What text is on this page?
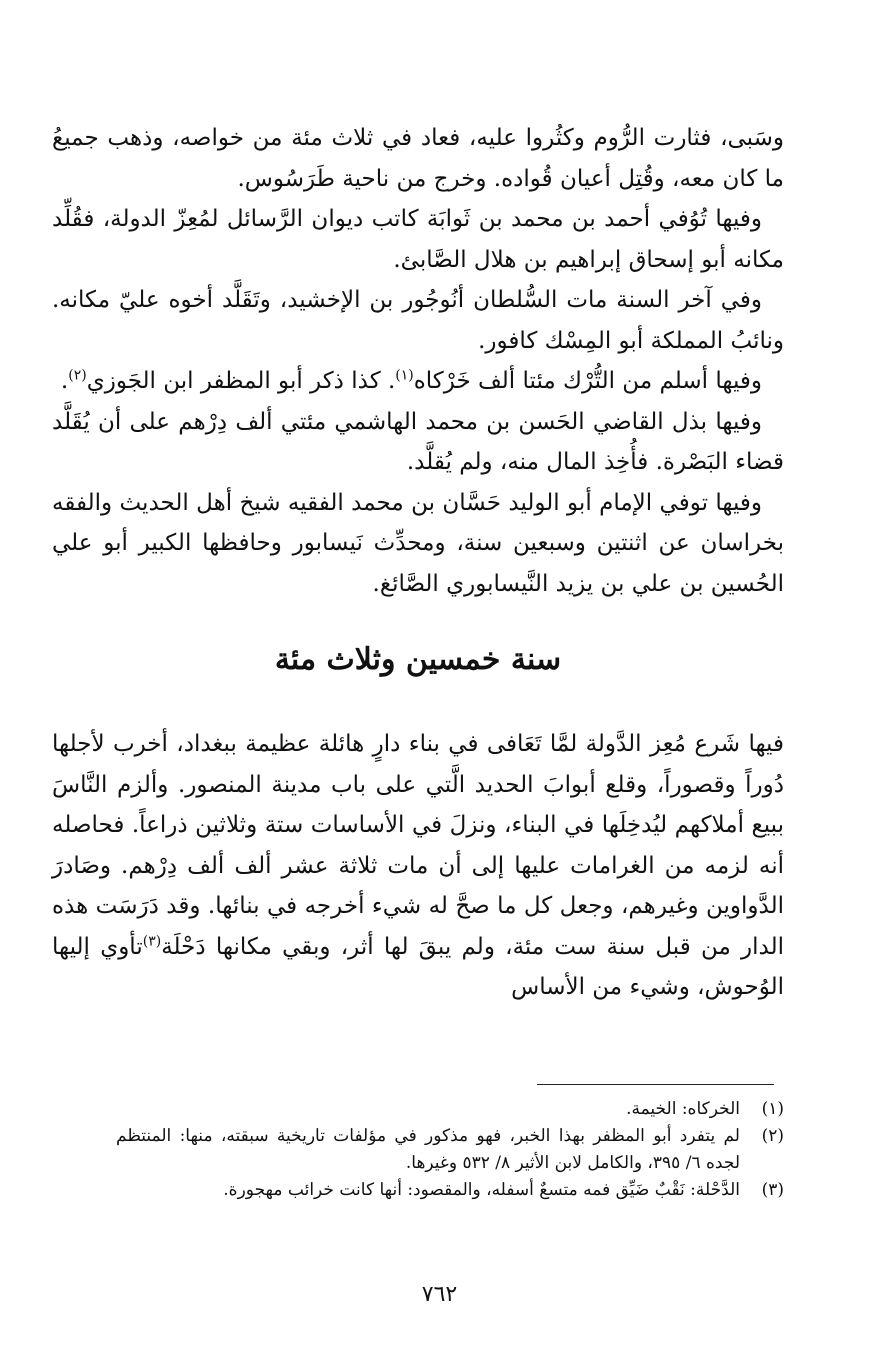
وسَبى، فثارت الرُّوم وكثُروا عليه، فعاد في ثلاث مئة من خواصه، وذهب جميعُ ما كان معه، وقُتِل أعيان قُواده. وخرج من ناحية طَرَسُوس.

وفيها تُوُفي أحمد بن محمد بن ثَوابَة كاتب ديوان الرَّسائل لمُعِزّ الدولة، فقُلِّد مكانه أبو إسحاق إبراهيم بن هلال الصَّابئ.

وفي آخر السنة مات السُّلطان أنُوجُور بن الإخشيد، وتَقَلَّد أخوه عليّ مكانه. ونائبُ المملكة أبو المِسْك كافور.

وفيها أسلم من التُّرْك مئتا ألف خَرْكاه$^{(١)}$. كذا ذكر أبو المظفر ابن الجَوزي$^{(٢)}$.

وفيها بذل القاضي الحَسن بن محمد الهاشمي مئتي ألف دِرْهم على أن يُقَلَّد قضاء البَصْرة. فأُخِذ المال منه، ولم يُقلَّد.

وفيها توفي الإمام أبو الوليد حَسَّان بن محمد الفقيه شيخ أهل الحديث والفقه بخراسان عن اثنتين وسبعين سنة، ومحدِّث نَيسابور وحافظها الكبير أبو علي الحُسين بن علي بن يزيد النَّيسابوري الصَّائغ.

سنة خمسين وثلاث مئة

فيها شَرع مُعِز الدَّولة لمَّا تَعَافى في بناء دارٍ هائلة عظيمة ببغداد، أخرب لأجلها دُوراً وقصوراً، وقلع أبوابَ الحديد الَّتي على باب مدينة المنصور. وألزم النَّاسَ ببيع أملاكهم ليُدخِلَها في البناء، ونزلَ في الأساسات ستة وثلاثين ذراعاً. فحاصله أنه لزمه من الغرامات عليها إلى أن مات ثلاثة عشر ألف ألف دِرْهم. وصَادرَ الدَّواوين وغيرهم، وجعل كل ما صحَّ له شيء أخرجه في بنائها. وقد دَرَسَت هذه الدار من قبل سنة ست مئة، ولم يبقَ لها أثر، وبقي مكانها دَحْلَة$^{(٣)}$تأوي إليها الوُحوش، وشيء من الأساس

(١)
الخركاه: الخيمة.
(٢)
لم يتفرد أبو المظفر بهذا الخبر، فهو مذكور في مؤلفات تاريخية سبقته، منها: المنتظم لجده ٦/ ٣٩٥، والكامل لابن الأثير ٨/ ٥٣٢ وغيرها.
(٣)
الدَّحْلة: نَقْبٌ ضَيِّق فمه متسعٌ أسفله، والمقصود: أنها كانت خرائب مهجورة.
٧٦٢
